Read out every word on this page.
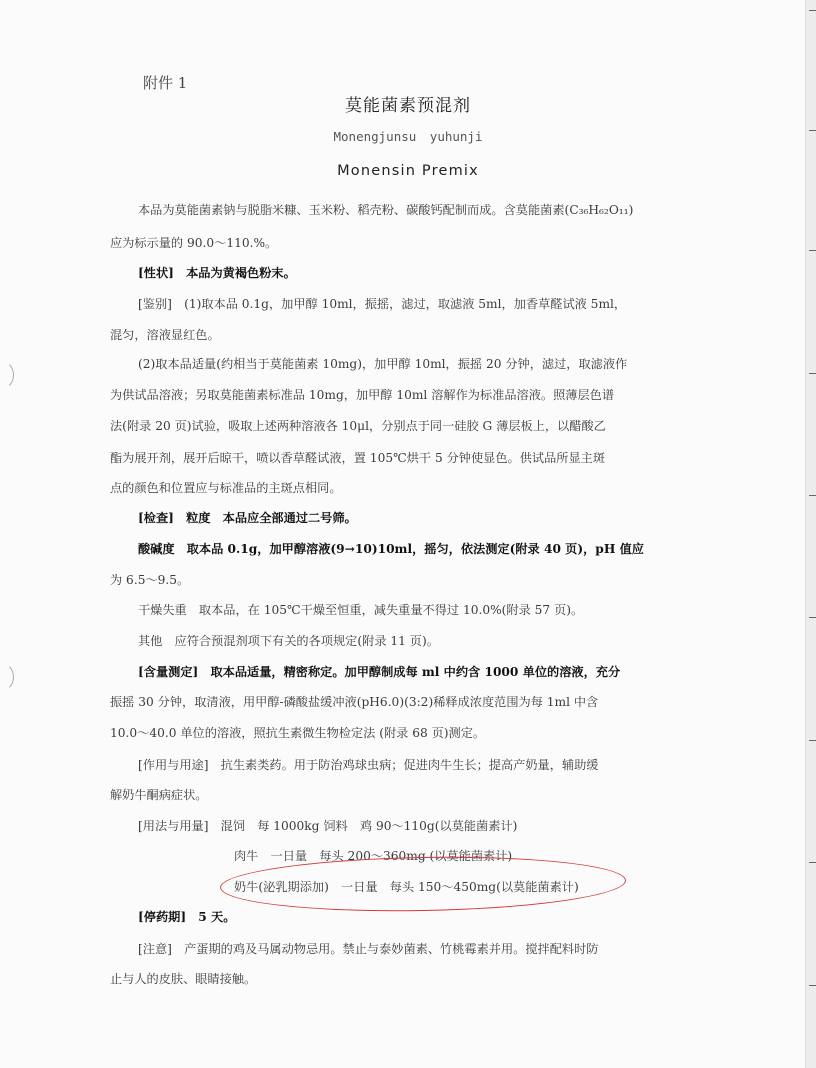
附件 1
莫能菌素预混剂
Monengjunsu yuhunji
Monensin Premix
本品为莫能菌素钠与脱脂米糠、玉米粉、稻壳粉、碳酸钙配制而成。含莫能菌素(C₃₆H₆₂O₁₁)
应为标示量的 90.0～110.%。
[性状]　本品为黄褐色粉末。
[鉴别]　(1)取本品 0.1g，加甲醇 10ml，振摇，滤过，取滤液 5ml，加香草醛试液 5ml，
混匀，溶液显红色。
(2)取本品适量(约相当于莫能菌素 10mg)，加甲醇 10ml，振摇 20 分钟，滤过，取滤液作
为供试品溶液；另取莫能菌素标准品 10mg，加甲醇 10ml 溶解作为标准品溶液。照薄层色谱
法(附录 20 页)试验，吸取上述两种溶液各 10μl，分别点于同一硅胶 G 薄层板上，以醋酸乙
酯为展开剂，展开后晾干，喷以香草醛试液，置 105℃烘干 5 分钟使显色。供试品所显主斑
点的颜色和位置应与标准品的主斑点相同。
[检查]　粒度　本品应全部通过二号筛。
酸碱度　取本品 0.1g，加甲醇溶液(9→10)10ml，摇匀，依法测定(附录 40 页)，pH 值应
为 6.5～9.5。
干燥失重　取本品，在 105℃干燥至恒重，减失重量不得过 10.0%(附录 57 页)。
其他　应符合预混剂项下有关的各项规定(附录 11 页)。
[含量测定]　取本品适量，精密称定。加甲醇制成每 ml 中约含 1000 单位的溶液，充分
振摇 30 分钟，取清液，用甲醇-磷酸盐缓冲液(pH6.0)(3:2)稀释成浓度范围为每 1ml 中含
10.0～40.0 单位的溶液，照抗生素微生物检定法 (附录 68 页)测定。
[作用与用途]　抗生素类药。用于防治鸡球虫病；促进肉牛生长；提高产奶量，辅助缓
解奶牛酮病症状。
[用法与用量]　混饲　每 1000kg 饲料　鸡 90～110g(以莫能菌素计)
肉牛　一日量　每头 200～360mg (以莫能菌素计)
奶牛(泌乳期添加)　一日量　每头 150～450mg(以莫能菌素计)
[停药期]　5 天。
[注意]　产蛋期的鸡及马属动物忌用。禁止与泰妙菌素、竹桃霉素并用。搅拌配料时防
止与人的皮肤、眼睛接触。
